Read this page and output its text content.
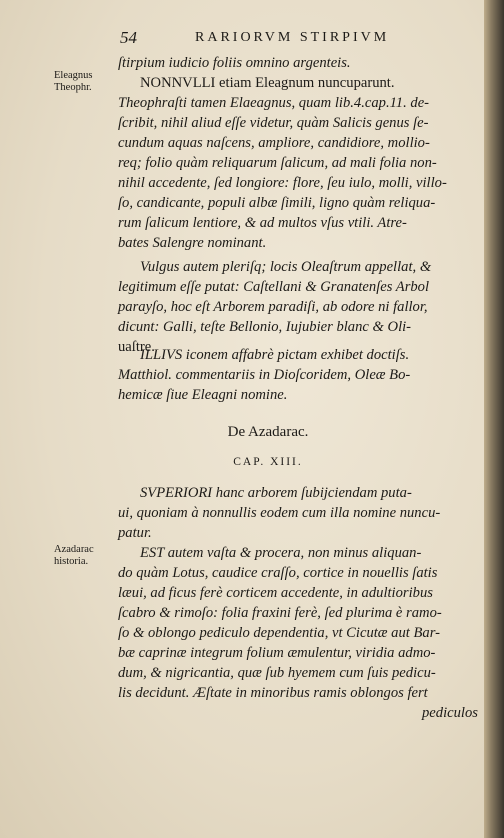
54	RARIORVM STIRPIVM
Eleagnus
Theophr.
Azadarac
historia.
ſtirpium iudicio foliis omnino argenteis.
NONNVLLI etiam Eleagnum nuncuparunt.
Theophraſti tamen Elaeagnus, quam lib.4.cap.11. de-
ſcribit, nihil aliud eſſe videtur, quàm Salicis genus ſe-
cundum aquas naſcens, ampliore, candidiore, mollio-
req; folio quàm reliquarum ſalicum, ad mali folia non-
nihil accedente, ſed longiore: flore, ſeu iulo, molli, villo-
ſo, candicante, populi albæ ſimili, ligno quàm reliqua-
rum ſalicum lentiore, & ad multos vſus vtili. Atre-
bates Salengre nominant.
Vulgus autem pleriſq; locis Oleaſtrum appellat, &
legitimum eſſe putat: Caſtellani & Granatenſes Arbol
parayſo, hoc eſt Arborem paradiſi, ab odore ni fallor,
dicunt: Galli, teſte Bellonio, Iujubier blanc & Oli-
uaſtre.
ILLIVS iconem affabrè pictam exhibet doctiſs.
Matthiol. commentariis in Dioſcoridem, Oleæ Bo-
hemicæ ſiue Eleagni nomine.
De Azadarac.
CAP. XIII.
SVPERIORI hanc arborem ſubijciendam puta-
ui, quoniam à nonnullis eodem cum illa nomine nuncu-
patur.
EST autem vaſta & procera, non minus aliquan-
do quàm Lotus, caudice craſſo, cortice in nouellis ſatis
læui, ad ficus ferè corticem accedente, in adultioribus
ſcabro & rimoſo: folia fraxini ferè, ſed plurima è ramo-
ſo & oblongo pediculo dependentia, vt Cicutæ aut Bar-
bæ caprinæ integrum folium æmulentur, viridia admo-
dum, & nigricantia, quæ ſub hyemem cum ſuis pedicu-
lis decidunt. Æſtate in minoribus ramis oblongos fert
pediculos
